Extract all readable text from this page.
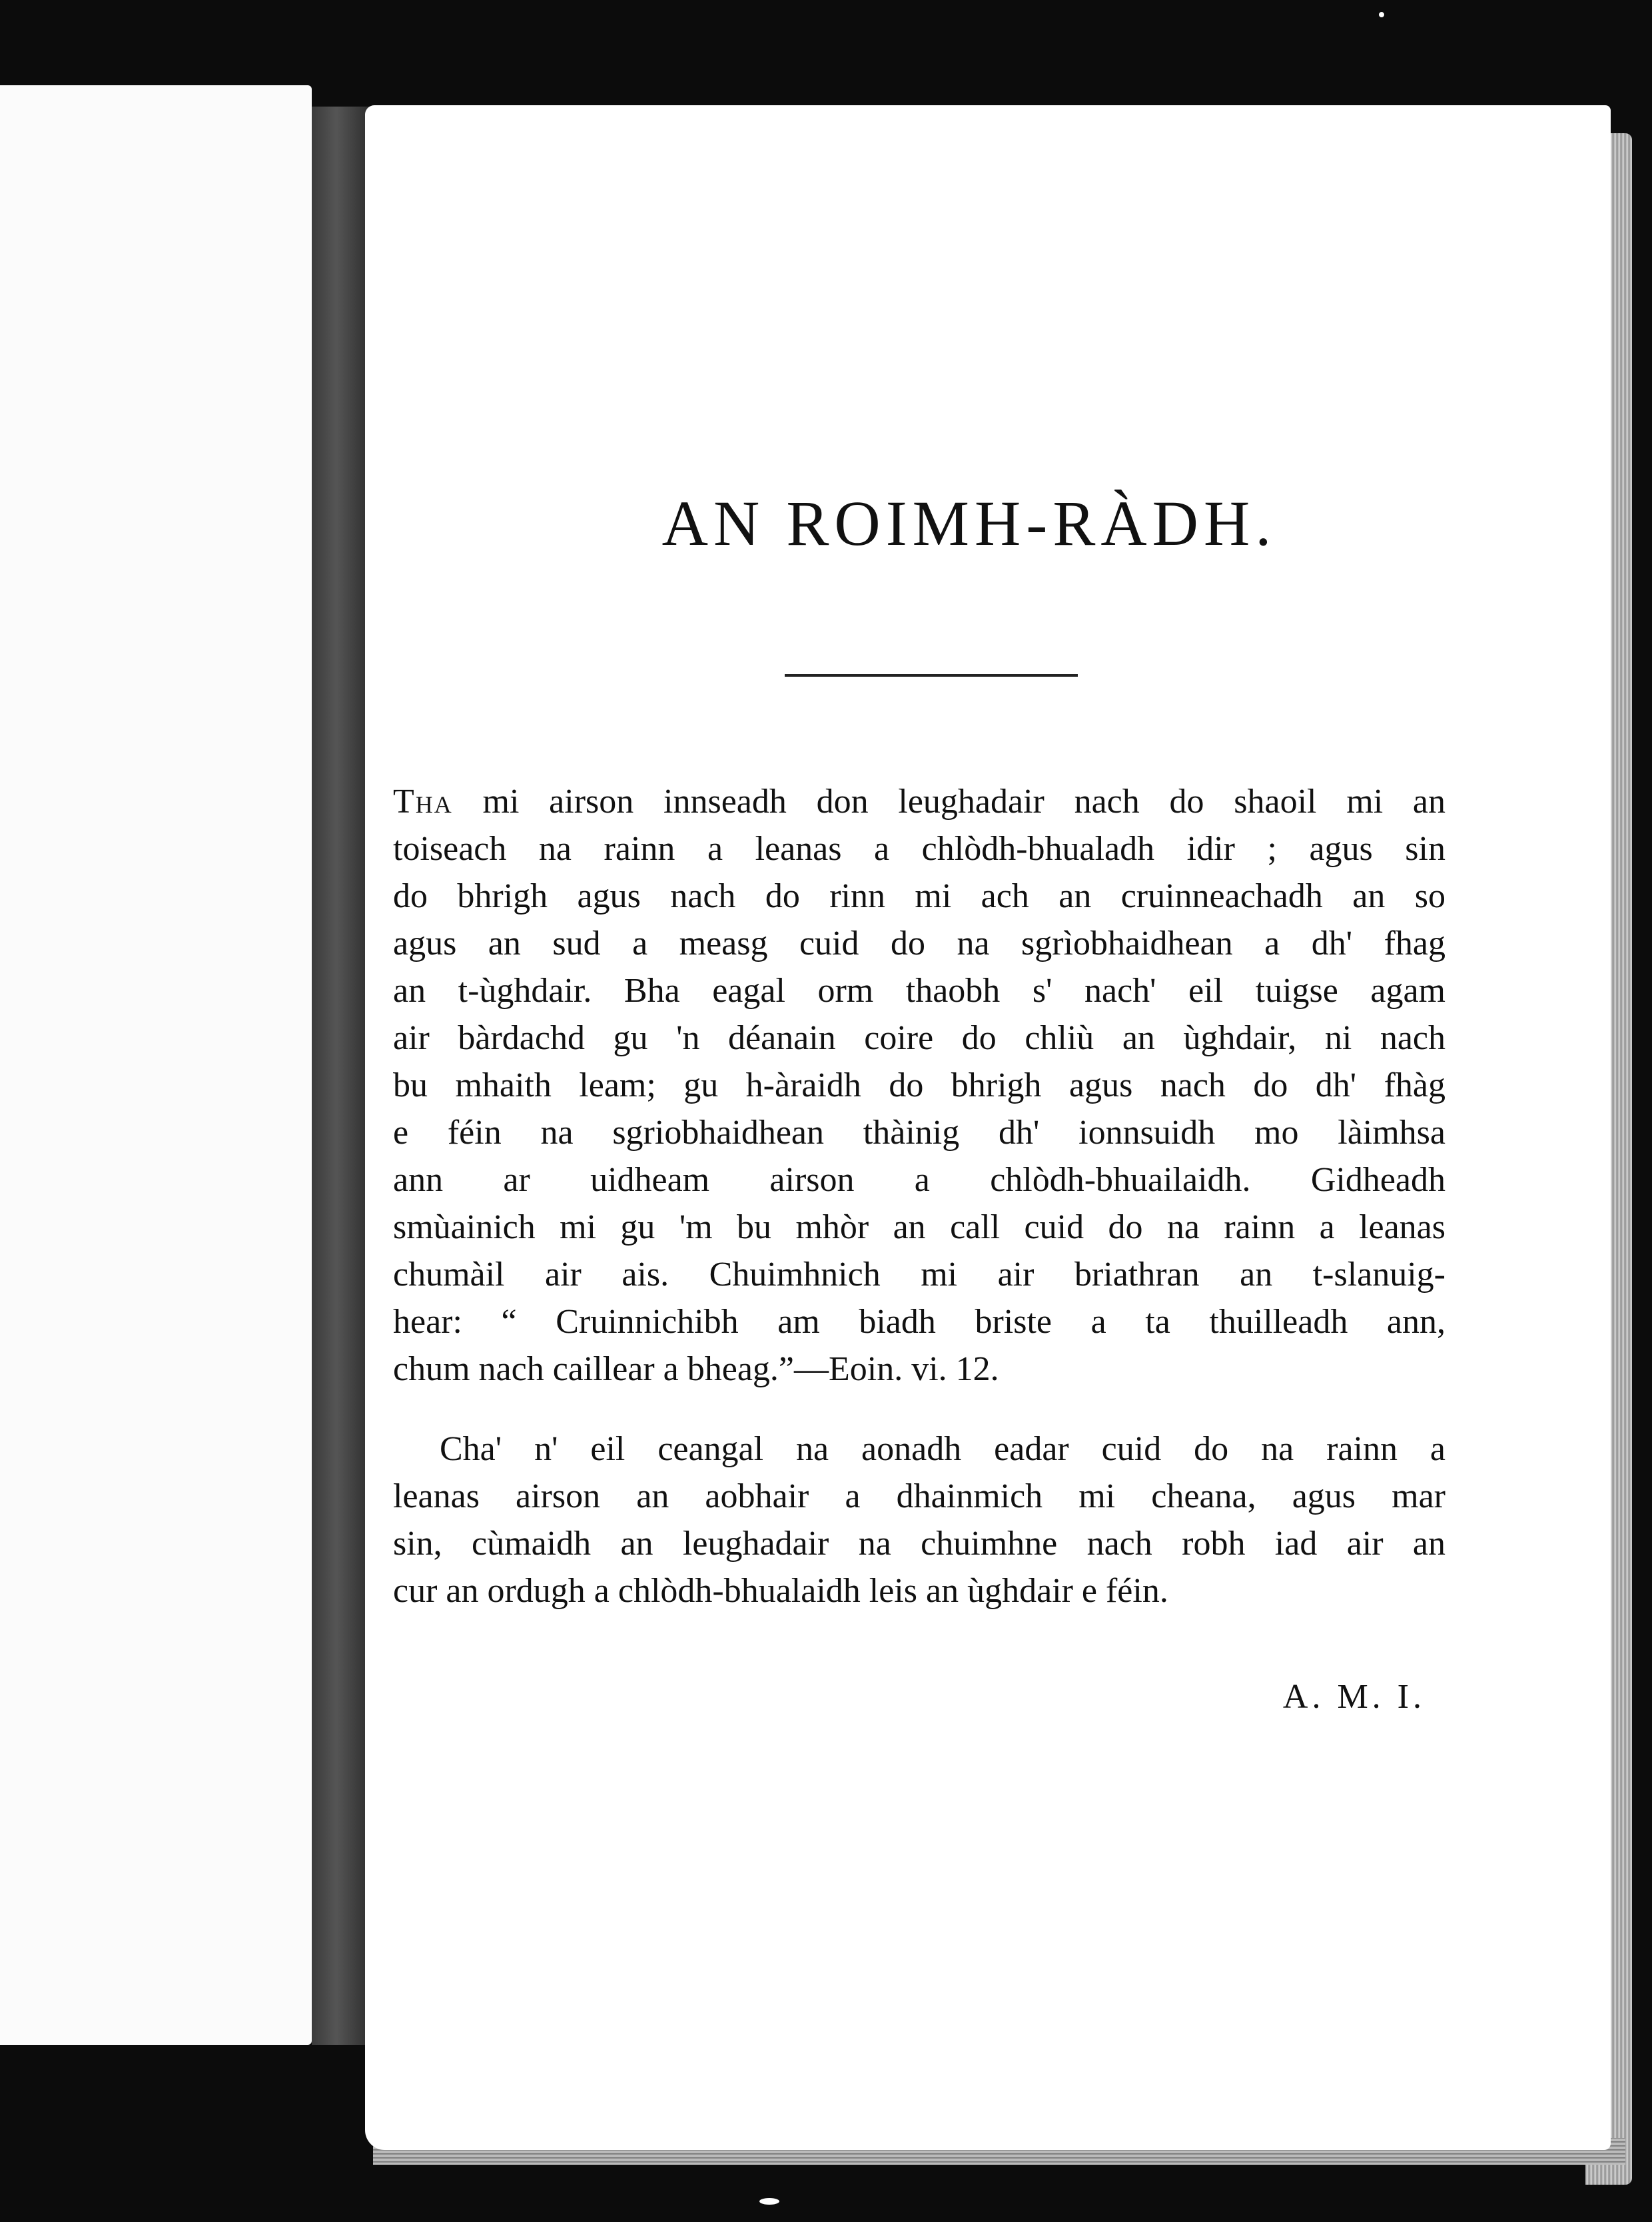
AN ROIMH-RÀDH.
Tha mi airson innseadh don leughadair nach do shaoil mi an
toiseach na rainn a leanas a chlòdh-bhualadh idir ; agus sin
do bhrigh agus nach do rinn mi ach an cruinneachadh an so
agus an sud a measg cuid do na sgrìobhaidhean a dh' fhag
an t-ùghdair. Bha eagal orm thaobh s' nach' eil tuigse agam
air bàrdachd gu 'n déanain coire do chliù an ùghdair, ni nach
bu mhaith leam; gu h-àraidh do bhrigh agus nach do dh' fhàg
e féin na sgriobhaidhean thàinig dh' ionnsuidh mo làimhsa
ann ar uidheam airson a chlòdh-bhuailaidh. Gidheadh
smùainich mi gu 'm bu mhòr an call cuid do na rainn a leanas
chumàil air ais. Chuimhnich mi air briathran an t-slanuig-
hear: “ Cruinnichibh am biadh briste a ta thuilleadh ann,
chum nach caillear a bheag.”—Eoin. vi. 12.
Cha' n' eil ceangal na aonadh eadar cuid do na rainn a
leanas airson an aobhair a dhainmich mi cheana, agus mar
sin, cùmaidh an leughadair na chuimhne nach robh iad air an
cur an ordugh a chlòdh-bhualaidh leis an ùghdair e féin.
A. M. I.
